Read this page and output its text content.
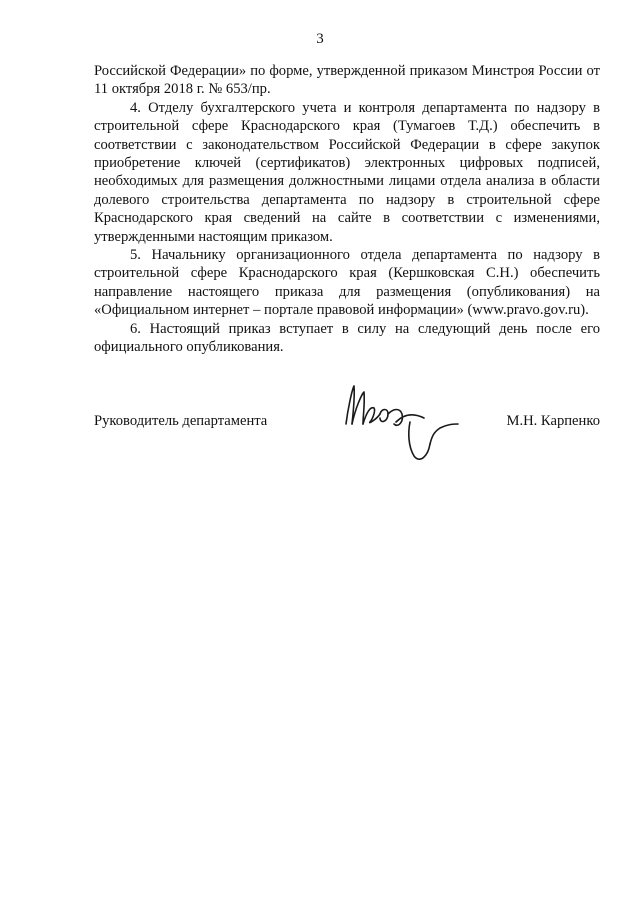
3

Российской Федерации» по форме, утвержденной приказом Минстроя России от 11 октября 2018 г. № 653/пр.

4. Отделу бухгалтерского учета и контроля департамента по надзору в строительной сфере Краснодарского края (Тумагоев Т.Д.) обеспечить в соответствии с законодательством Российской Федерации в сфере закупок приобретение ключей (сертификатов) электронных цифровых подписей, необходимых для размещения должностными лицами отдела анализа в области долевого строительства департамента по надзору в строительной сфере Краснодарского края сведений на сайте в соответствии с изменениями, утвержденными настоящим приказом.

5. Начальнику организационного отдела департамента по надзору в строительной сфере Краснодарского края (Кершковская С.Н.) обеспечить направление настоящего приказа для размещения (опубликования) на «Официальном интернет – портале правовой информации» (www.pravo.gov.ru).

6. Настоящий приказ вступает в силу на следующий день после его официального опубликования.

Руководитель департамента	М.Н. Карпенко
